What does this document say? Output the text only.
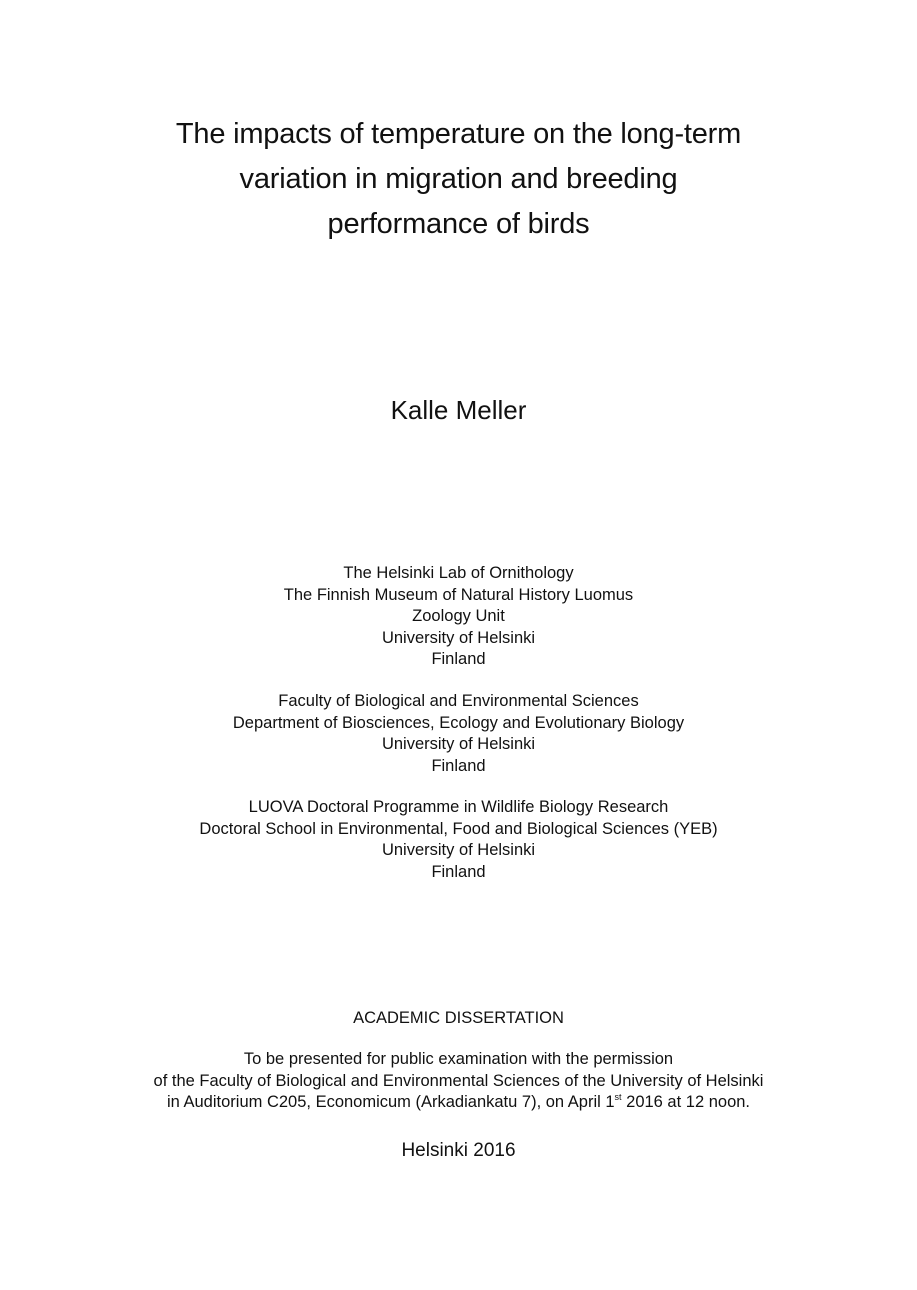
The impacts of temperature on the long-term
variation in migration and breeding
performance of birds
Kalle Meller
The Helsinki Lab of Ornithology
The Finnish Museum of Natural History Luomus
Zoology Unit
University of Helsinki
Finland
Faculty of Biological and Environmental Sciences
Department of Biosciences, Ecology and Evolutionary Biology
University of Helsinki
Finland
LUOVA Doctoral Programme in Wildlife Biology Research
Doctoral School in Environmental, Food and Biological Sciences (YEB)
University of Helsinki
Finland
ACADEMIC DISSERTATION
To be presented for public examination with the permission
of the Faculty of Biological and Environmental Sciences of the University of Helsinki
in Auditorium C205, Economicum (Arkadiankatu 7), on April 1st 2016 at 12 noon.
Helsinki 2016
